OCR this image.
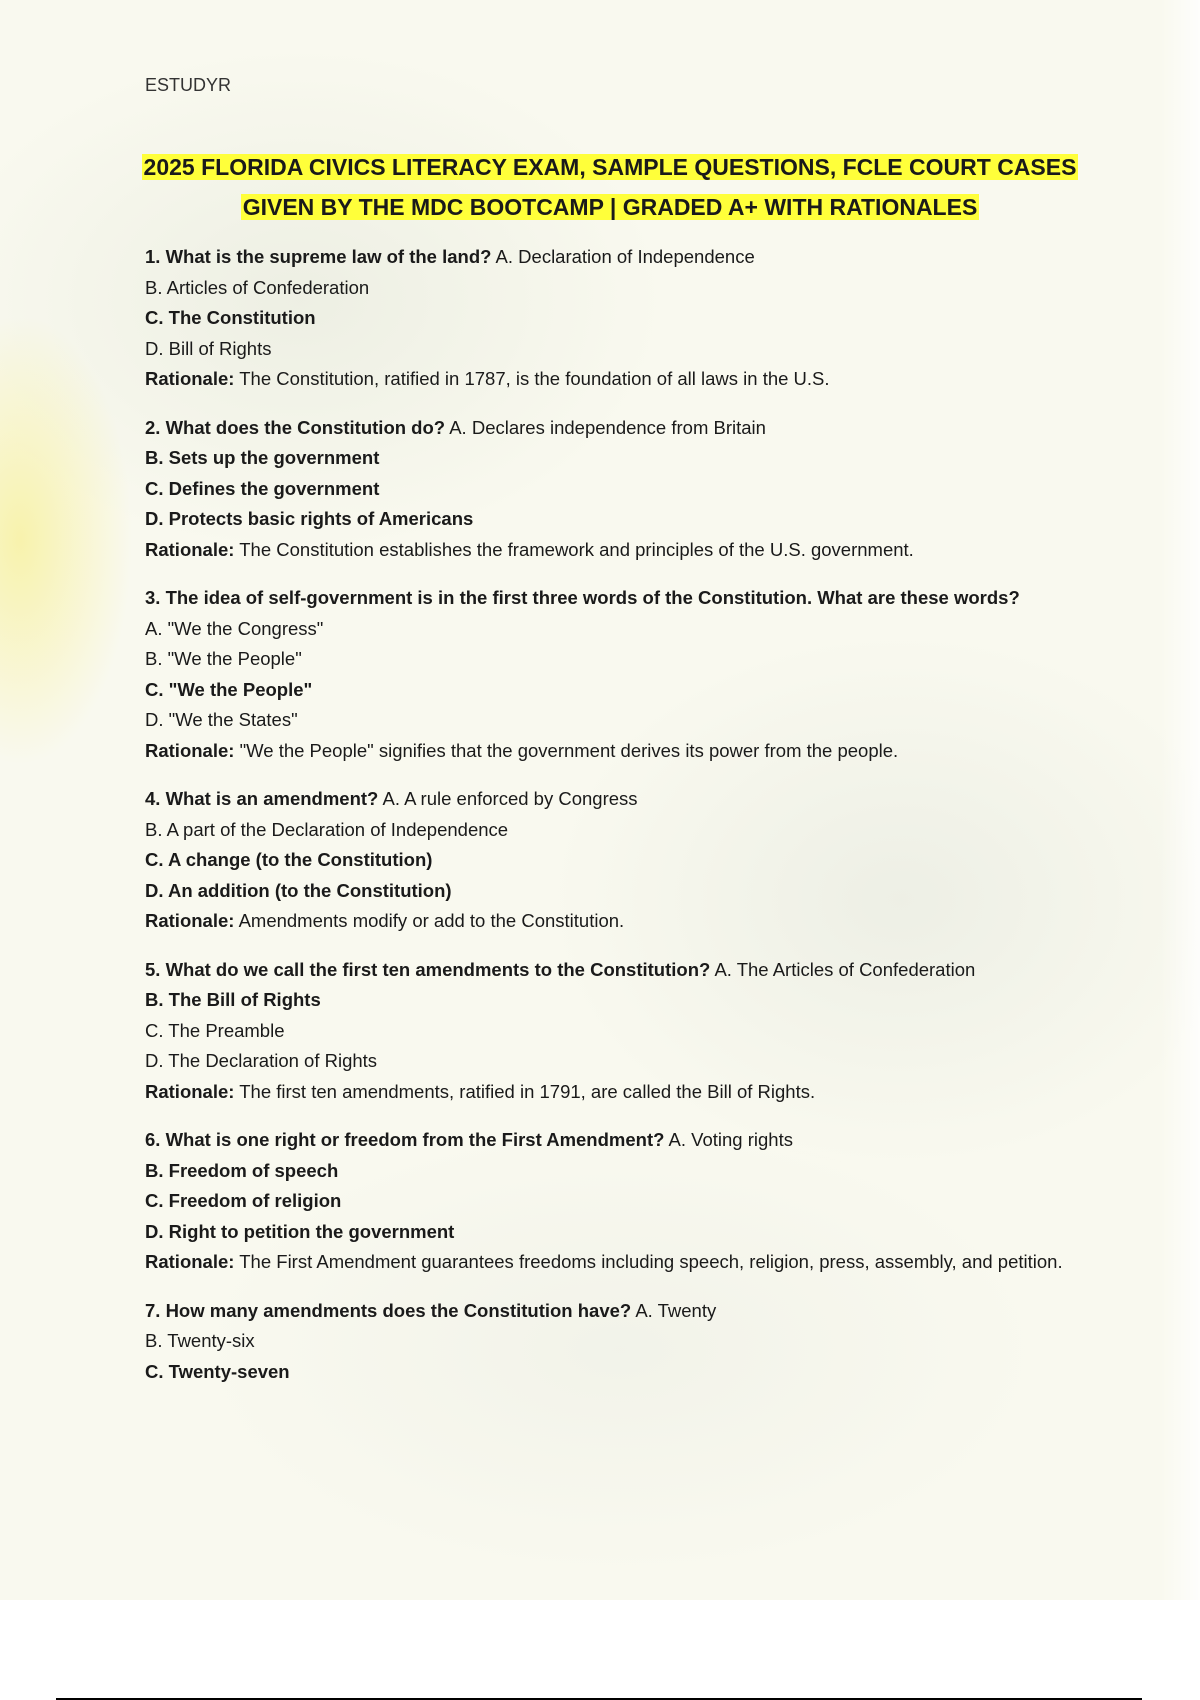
ESTUDYR
2025 FLORIDA CIVICS LITERACY EXAM, SAMPLE QUESTIONS, FCLE COURT CASES
GIVEN BY THE MDC BOOTCAMP | GRADED A+ WITH RATIONALES
1. What is the supreme law of the land? A. Declaration of Independence
B. Articles of Confederation
C. The Constitution
D. Bill of Rights
Rationale: The Constitution, ratified in 1787, is the foundation of all laws in the U.S.
2. What does the Constitution do? A. Declares independence from Britain
B. Sets up the government
C. Defines the government
D. Protects basic rights of Americans
Rationale: The Constitution establishes the framework and principles of the U.S. government.
3. The idea of self-government is in the first three words of the Constitution. What are these words?
A. "We the Congress"
B. "We the People"
C. "We the People"
D. "We the States"
Rationale: "We the People" signifies that the government derives its power from the people.
4. What is an amendment? A. A rule enforced by Congress
B. A part of the Declaration of Independence
C. A change (to the Constitution)
D. An addition (to the Constitution)
Rationale: Amendments modify or add to the Constitution.
5. What do we call the first ten amendments to the Constitution? A. The Articles of Confederation
B. The Bill of Rights
C. The Preamble
D. The Declaration of Rights
Rationale: The first ten amendments, ratified in 1791, are called the Bill of Rights.
6. What is one right or freedom from the First Amendment? A. Voting rights
B. Freedom of speech
C. Freedom of religion
D. Right to petition the government
Rationale: The First Amendment guarantees freedoms including speech, religion, press, assembly, and petition.
7. How many amendments does the Constitution have? A. Twenty
B. Twenty-six
C. Twenty-seven
